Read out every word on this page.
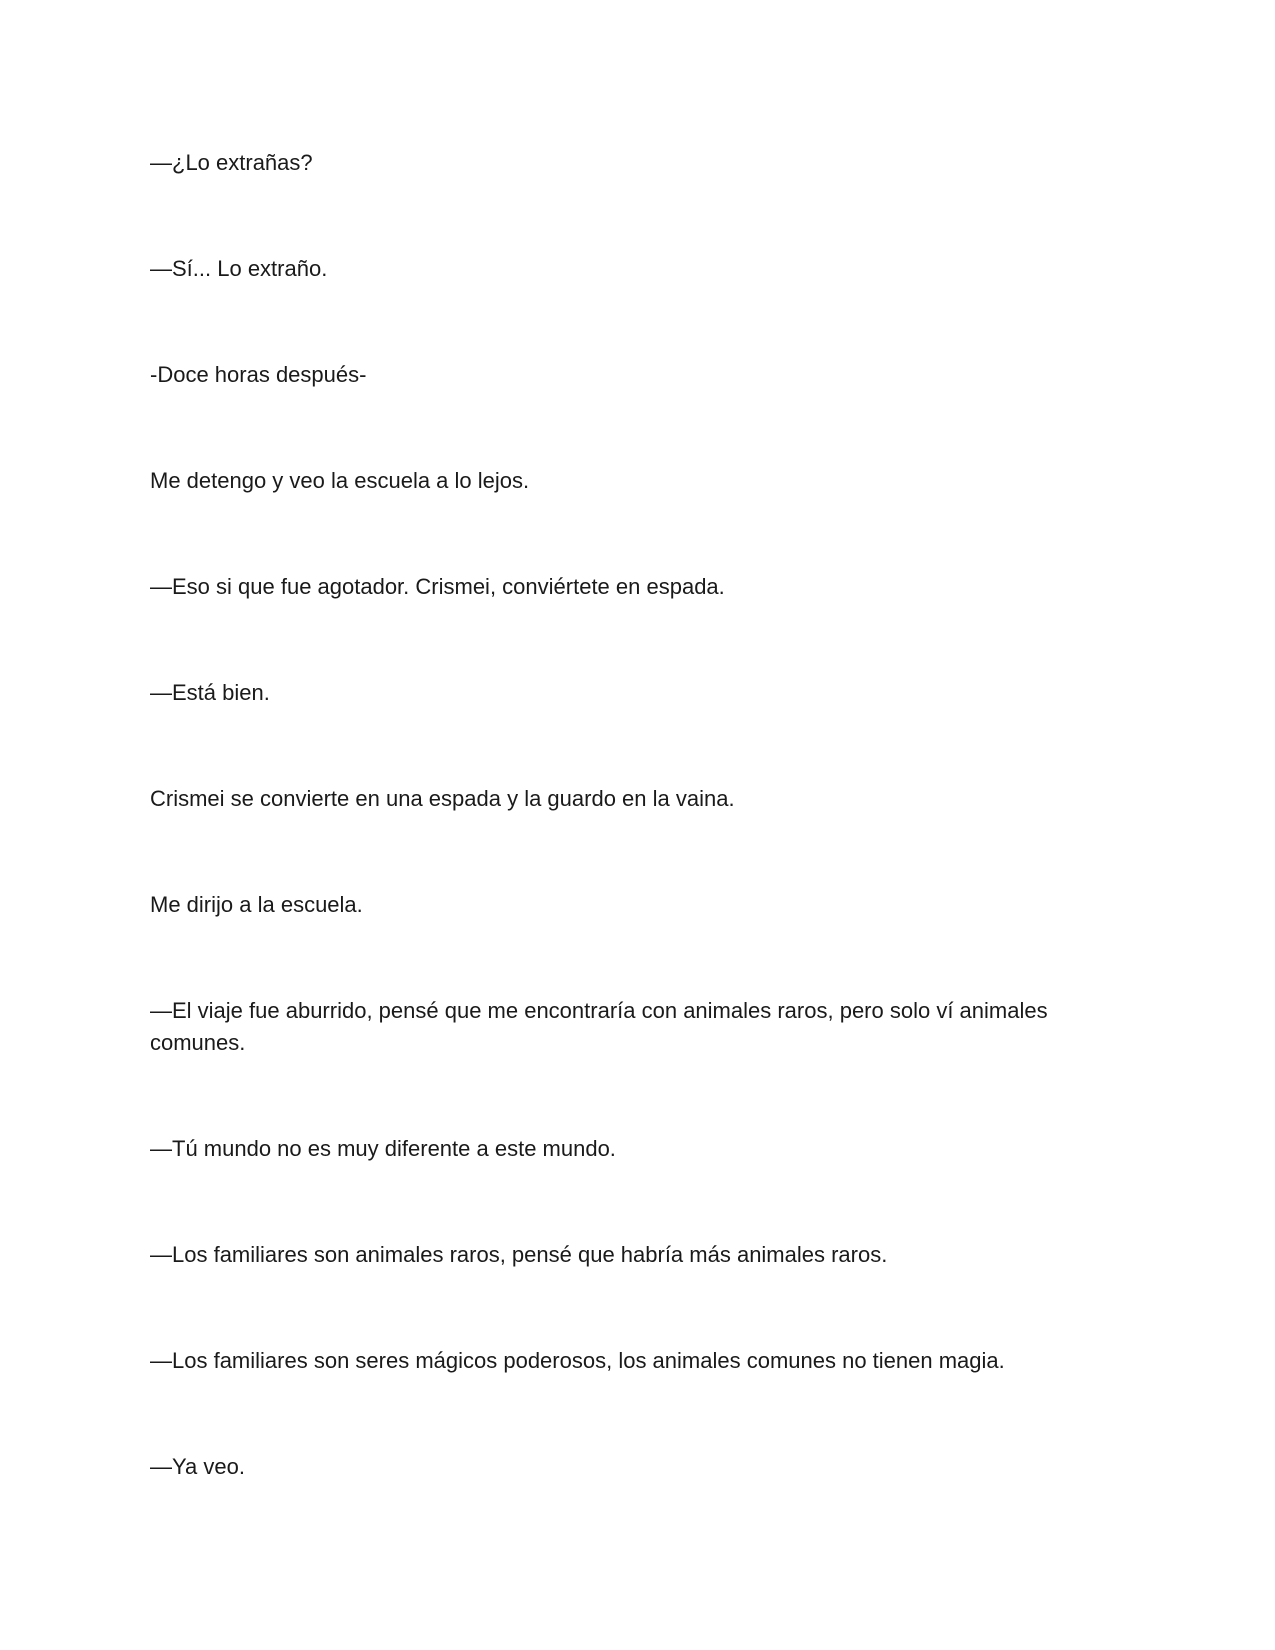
—¿Lo extrañas?

—Sí... Lo extraño.

-Doce horas después-

Me detengo y veo la escuela a lo lejos.

—Eso si que fue agotador. Crismei, conviértete en espada.

—Está bien.

Crismei se convierte en una espada y la guardo en la vaina.

Me dirijo a la escuela.

—El viaje fue aburrido, pensé que me encontraría con animales raros, pero solo ví animales comunes.

—Tú mundo no es muy diferente a este mundo.

—Los familiares son animales raros, pensé que habría más animales raros.

—Los familiares son seres mágicos poderosos, los animales comunes no tienen magia.

—Ya veo.
